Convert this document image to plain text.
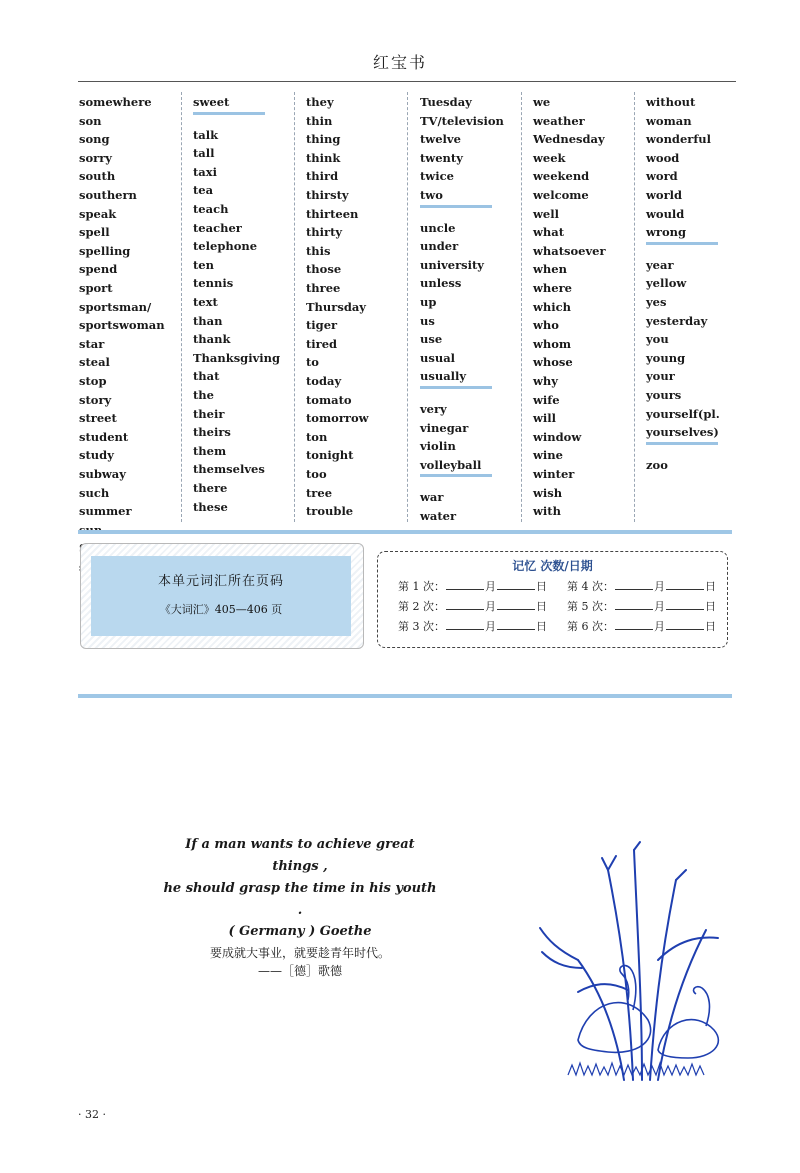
红宝书
somewhere
son
song
sorry
south
southern
speak
spell
spelling
spend
sport
sportsman/
sportswoman
star
steal
stop
story
street
student
study
subway
such
summer
sweet
talk
tall
taxi
tea
teach
teacher
telephone
ten
tennis
text
than
thank
Thanksgiving
that
the
their
theirs
them
themselves
there
these
they
thin
thing
think
third
thirsty
thirteen
thirty
this
those
three
Thursday
tiger
tired
to
today
tomato
tomorrow
ton
tonight
too
tree
trouble
Tuesday
TV/television
twelve
twenty
twice
two
uncle
under
university
unless
up
us
use
usual
usually
very
vinegar
violin
volleyball
war
water
we
weather
Wednesday
week
weekend
welcome
well
what
whatsoever
when
where
which
who
whom
whose
why
wife
will
window
wine
winter
wish
with
without
woman
wonderful
wood
word
world
would
wrong
year
yellow
yes
yesterday
you
young
your
yours
yourself(pl.
yourselves)
zoo
本单元词汇所在页码
《大词汇》405—406 页
记忆 次数/日期
第 1 次：	月	日
第 2 次：	月	日
第 3 次：	月	日
第 4 次：	月	日
第 5 次：	月	日
第 6 次：	月	日
If a man wants to achieve great things ,
he should grasp the time in his youth .
( Germany ) Goethe
要成就大事业，就要趁青年时代。
——［德］歌德
· 32 ·
